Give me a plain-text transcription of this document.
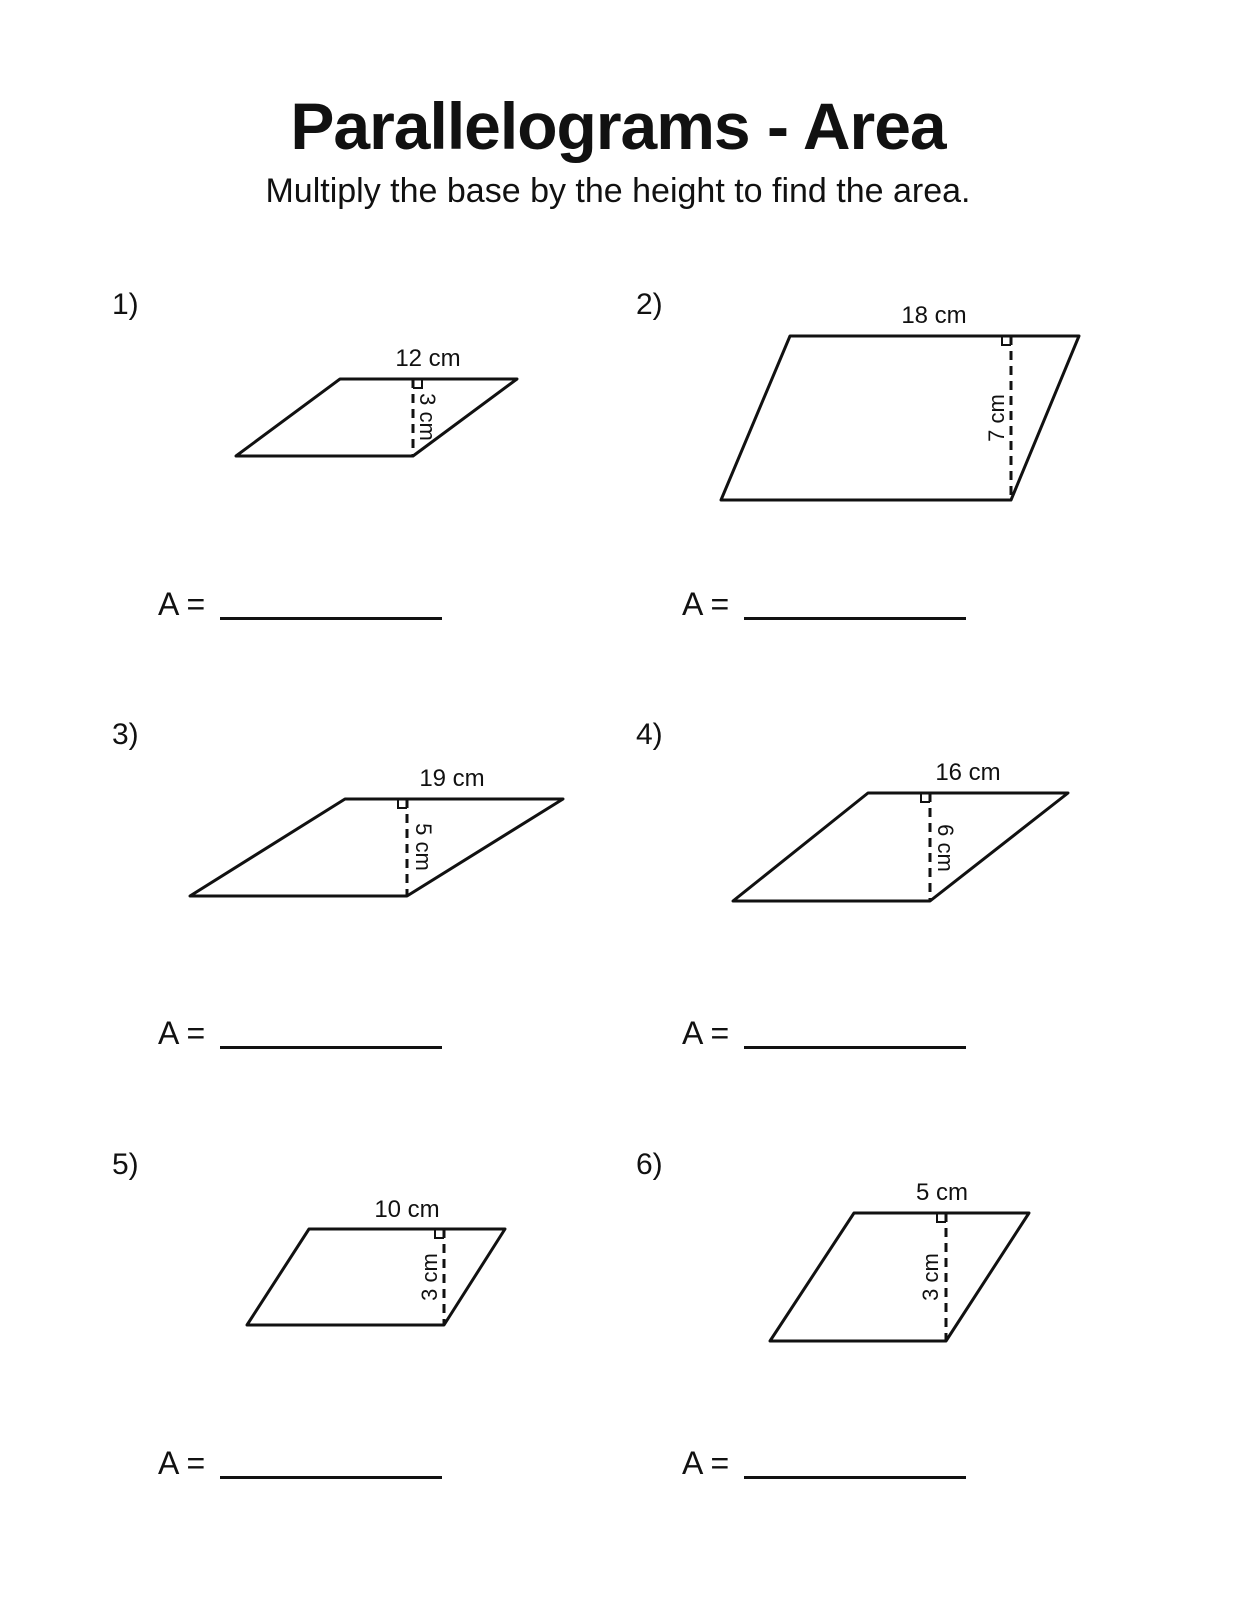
Parallelograms - Area
Multiply the base by the height to find the area.
1)	2)
3)	4)
5)	6)
A =	A =
A =	A =
A =	A =
12 cm
3 cm
18 cm
7 cm
19 cm
5 cm
16 cm
6 cm
10 cm
3 cm
5 cm
3 cm
